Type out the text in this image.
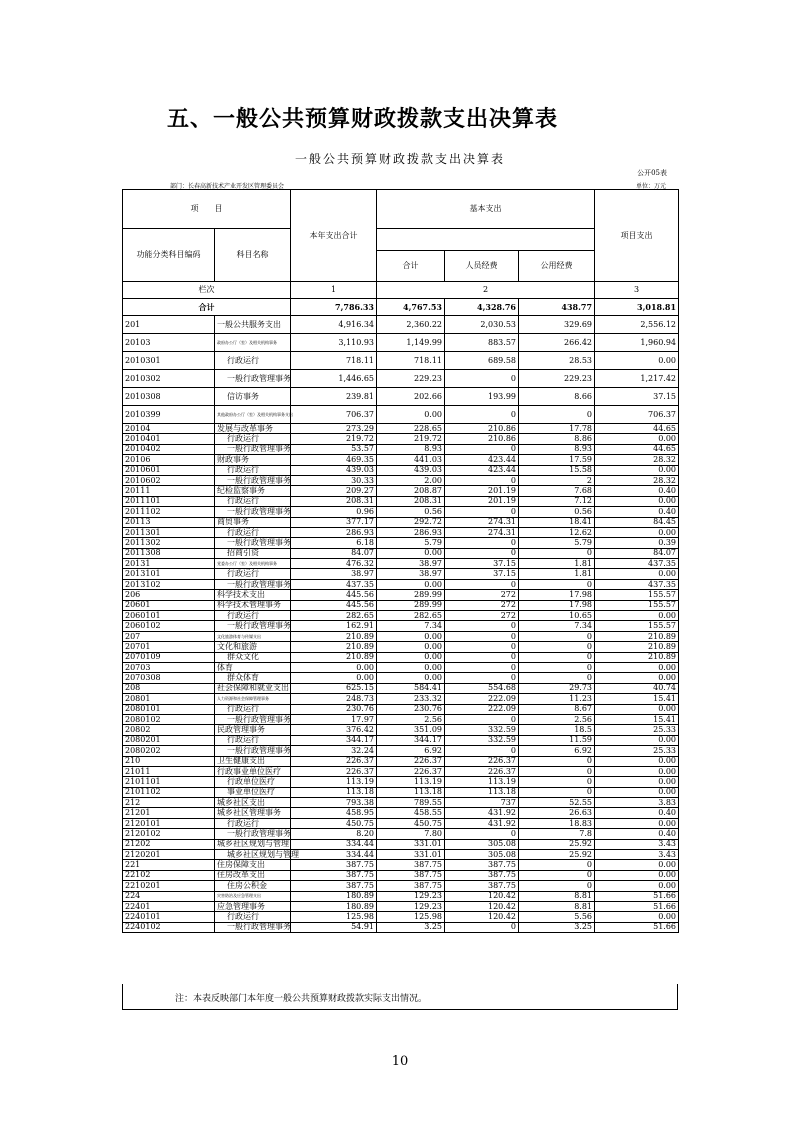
五、一般公共预算财政拨款支出决算表
一般公共预算财政拨款支出决算表
公开05表
部门：长春高新技术产业开发区管理委员会	单位：万元
项　　目		本年支出合计	基本支出			项目支出
功能分类科目编码	科目名称					
			合计	人员经费	公用经费	
栏次		1	2			3
合计		7,786.33	4,767.53	4,328.76	438.77	3,018.81
201	一般公共服务支出	4,916.34	2,360.22	2,030.53	329.69	2,556.12
20103	政府办公厅（室）及相关机构事务	3,110.93	1,149.99	883.57	266.42	1,960.94
2010301	行政运行	718.11	718.11	689.58	28.53	0.00
2010302	一般行政管理事务	1,446.65	229.23	0	229.23	1,217.42
2010308	信访事务	239.81	202.66	193.99	8.66	37.15
2010399	其他政府办公厅（室）及相关机构事务支出	706.37	0.00	0	0	706.37
20104	发展与改革事务	273.29	228.65	210.86	17.78	44.65
2010401	行政运行	219.72	219.72	210.86	8.86	0.00
2010402	一般行政管理事务	53.57	8.93	0	8.93	44.65
20106	财政事务	469.35	441.03	423.44	17.59	28.32
2010601	行政运行	439.03	439.03	423.44	15.58	0.00
2010602	一般行政管理事务	30.33	2.00	0	2	28.32
20111	纪检监察事务	209.27	208.87	201.19	7.68	0.40
2011101	行政运行	208.31	208.31	201.19	7.12	0.00
2011102	一般行政管理事务	0.96	0.56	0	0.56	0.40
20113	商贸事务	377.17	292.72	274.31	18.41	84.45
2011301	行政运行	286.93	286.93	274.31	12.62	0.00
2011302	一般行政管理事务	6.18	5.79	0	5.79	0.39
2011308	招商引资	84.07	0.00	0	0	84.07
20131	党委办公厅（室）及相关机构事务	476.32	38.97	37.15	1.81	437.35
2013101	行政运行	38.97	38.97	37.15	1.81	0.00
2013102	一般行政管理事务	437.35	0.00	0	0	437.35
206	科学技术支出	445.56	289.99	272	17.98	155.57
20601	科学技术管理事务	445.56	289.99	272	17.98	155.57
2060101	行政运行	282.65	282.65	272	10.65	0.00
2060102	一般行政管理事务	162.91	7.34	0	7.34	155.57
207	文化旅游体育与传媒支出	210.89	0.00	0	0	210.89
20701	文化和旅游	210.89	0.00	0	0	210.89
2070109	群众文化	210.89	0.00	0	0	210.89
20703	体育	0.00	0.00	0	0	0.00
2070308	群众体育	0.00	0.00	0	0	0.00
208	社会保障和就业支出	625.15	584.41	554.68	29.73	40.74
20801	人力资源和社会保障管理事务	248.73	233.32	222.09	11.23	15.41
2080101	行政运行	230.76	230.76	222.09	8.67	0.00
2080102	一般行政管理事务	17.97	2.56	0	2.56	15.41
20802	民政管理事务	376.42	351.09	332.59	18.5	25.33
2080201	行政运行	344.17	344.17	332.59	11.59	0.00
2080202	一般行政管理事务	32.24	6.92	0	6.92	25.33
210	卫生健康支出	226.37	226.37	226.37	0	0.00
21011	行政事业单位医疗	226.37	226.37	226.37	0	0.00
2101101	行政单位医疗	113.19	113.19	113.19	0	0.00
2101102	事业单位医疗	113.18	113.18	113.18	0	0.00
212	城乡社区支出	793.38	789.55	737	52.55	3.83
21201	城乡社区管理事务	458.95	458.55	431.92	26.63	0.40
2120101	行政运行	450.75	450.75	431.92	18.83	0.00
2120102	一般行政管理事务	8.20	7.80	0	7.8	0.40
21202	城乡社区规划与管理	334.44	331.01	305.08	25.92	3.43
2120201	城乡社区规划与管理	334.44	331.01	305.08	25.92	3.43
221	住房保障支出	387.75	387.75	387.75	0	0.00
22102	住房改革支出	387.75	387.75	387.75	0	0.00
2210201	住房公积金	387.75	387.75	387.75	0	0.00
224	灾害防治及应急管理支出	180.89	129.23	120.42	8.81	51.66
22401	应急管理事务	180.89	129.23	120.42	8.81	51.66
2240101	行政运行	125.98	125.98	120.42	5.56	0.00
2240102	一般行政管理事务	54.91	3.25	0	3.25	51.66
注：本表反映部门本年度一般公共预算财政拨款实际支出情况。
10
